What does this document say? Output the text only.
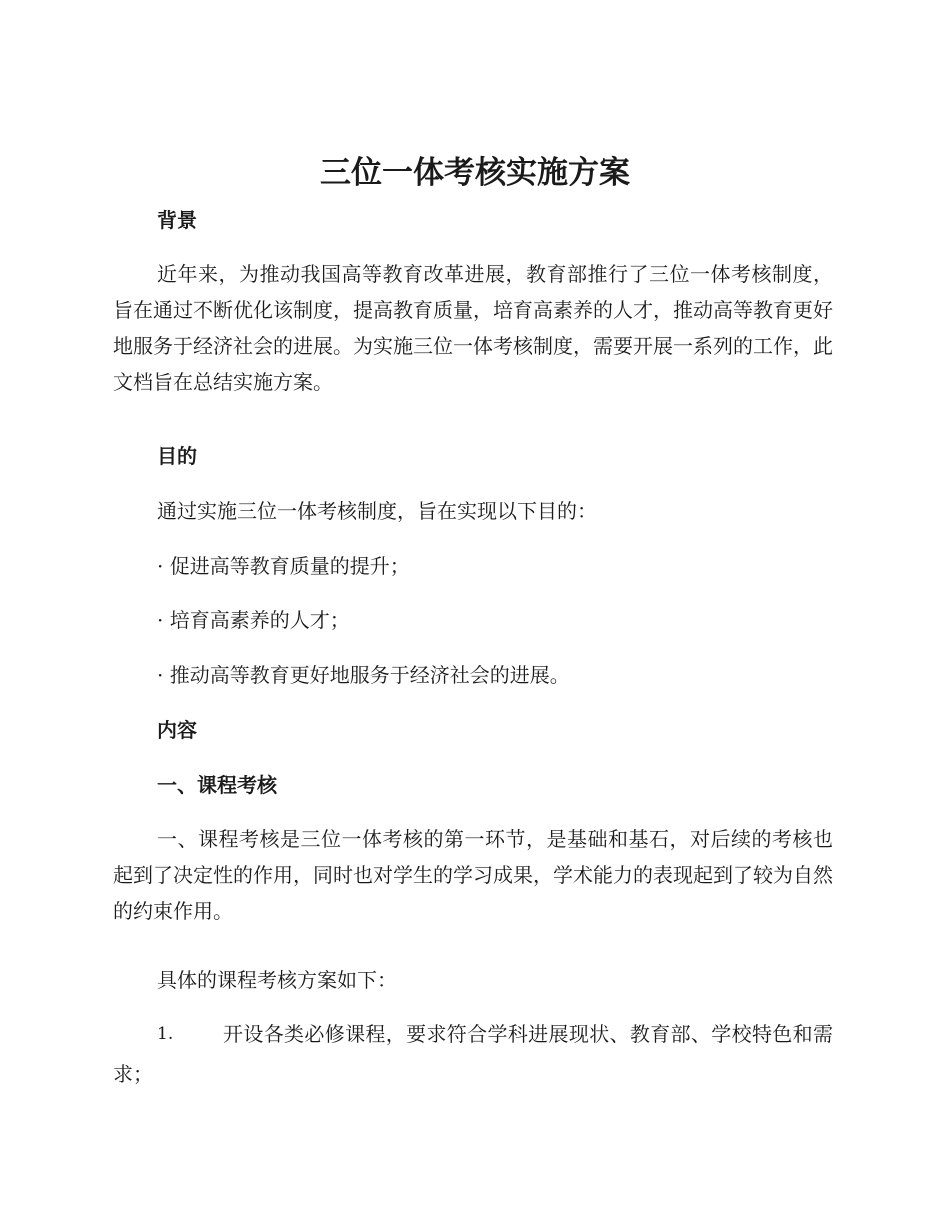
三位一体考核实施方案
背景

近年来，为推动我国高等教育改革进展，教育部推行了三位一体考核制度，旨在通过不断优化该制度，提高教育质量，培育高素养的人才，推动高等教育更好地服务于经济社会的进展。为实施三位一体考核制度，需要开展一系列的工作，此文档旨在总结实施方案。

目的

通过实施三位一体考核制度，旨在实现以下目的：

· 促进高等教育质量的提升；

· 培育高素养的人才；

· 推动高等教育更好地服务于经济社会的进展。

内容
一、课程考核

一、课程考核是三位一体考核的第一环节，是基础和基石，对后续的考核也起到了决定性的作用，同时也对学生的学习成果，学术能力的表现起到了较为自然的约束作用。

具体的课程考核方案如下：

1.	开设各类必修课程，要求符合学科进展现状、教育部、学校特色和需求；
